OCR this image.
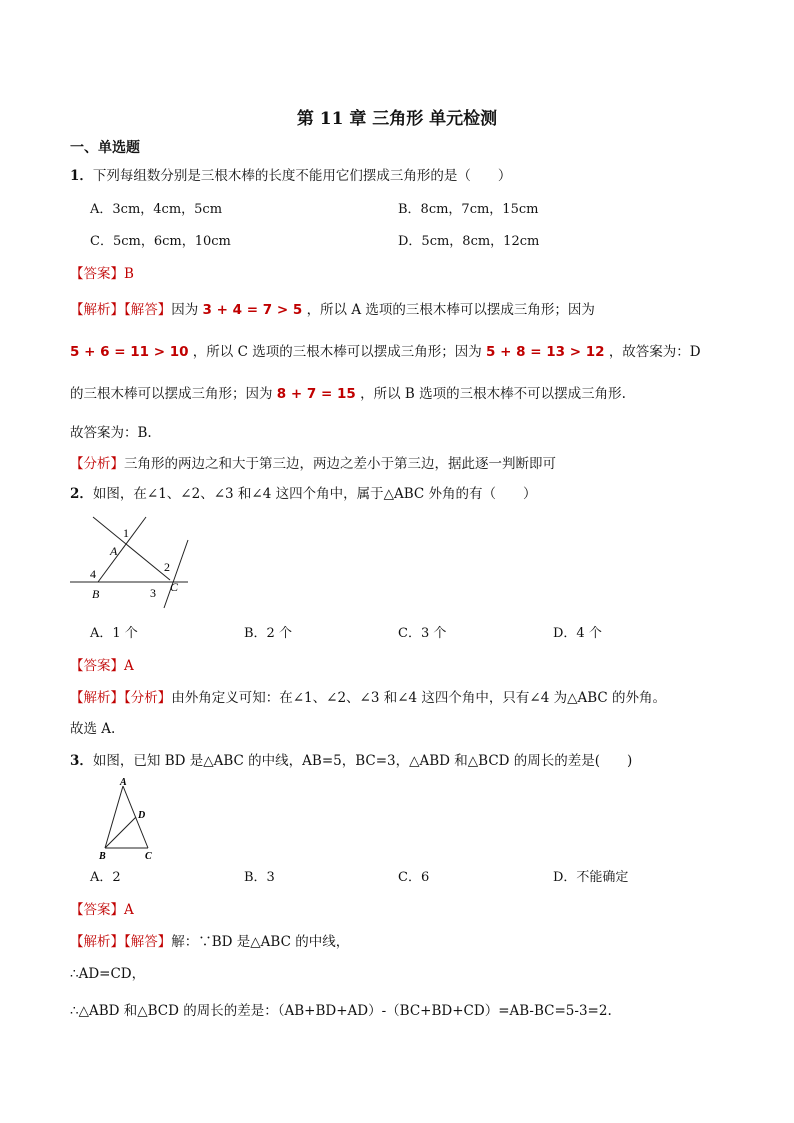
第 11 章 三角形 单元检测
一、单选题
1．下列每组数分别是三根木棒的长度不能用它们摆成三角形的是（　　）
A．3cm，4cm，5cm	B．8cm，7cm，15cm
C．5cm，6cm，10cm	D．5cm，8cm，12cm
【答案】B
【解析】【解答】因为 3 + 4 = 7 > 5 ，所以 A 选项的三根木棒可以摆成三角形；因为
5 + 6 = 11 > 10 ，所以 C 选项的三根木棒可以摆成三角形；因为 5 + 8 = 13 > 12 ，故答案为：D
的三根木棒可以摆成三角形；因为 8 + 7 = 15 ，所以 B 选项的三根木棒不可以摆成三角形.
故答案为：B.
【分析】三角形的两边之和大于第三边，两边之差小于第三边，据此逐一判断即可
2．如图，在∠1、∠2、∠3 和∠4 这四个角中，属于△ABC 外角的有（　　）
1
A
2
4
B	3 C
A．1 个	B．2 个	C．3 个	D．4 个
【答案】A
【解析】【分析】由外角定义可知：在∠1、∠2、∠3 和∠4 这四个角中，只有∠4 为△ABC 的外角。
故选 A.
3．如图，已知 BD 是△ABC 的中线，AB=5，BC=3，△ABD 和△BCD 的周长的差是(　　)
A
D
B	C
A．2	B．3	C．6	D．不能确定
【答案】A
【解析】【解答】解：∵BD 是△ABC 的中线，
∴AD=CD，
∴△ABD 和△BCD 的周长的差是：（AB+BD+AD）-（BC+BD+CD）=AB-BC=5-3=2.
